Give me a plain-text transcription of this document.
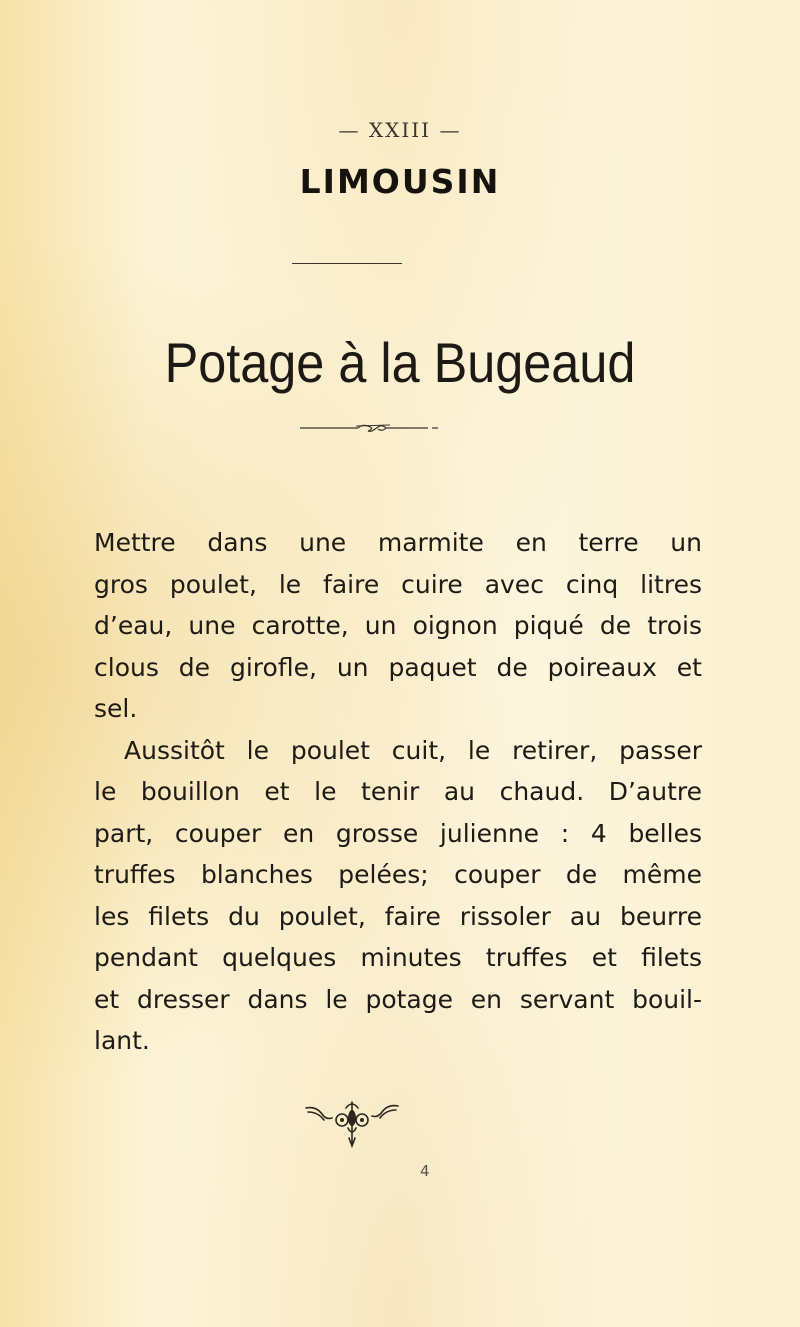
— XXIII —
LIMOUSIN
Potage à la Bugeaud

Mettre dans une marmite en terre un
gros poulet, le faire cuire avec cinq litres
d’eau, une carotte, un oignon piqué de trois
clous de girofle, un paquet de poireaux et
sel.

Aussitôt le poulet cuit, le retirer, passer
le bouillon et le tenir au chaud. D’autre
part, couper en grosse julienne : 4 belles
truffes blanches pelées; couper de même
les filets du poulet, faire rissoler au beurre
pendant quelques minutes truffes et filets
et dresser dans le potage en servant bouil-
lant.

4
